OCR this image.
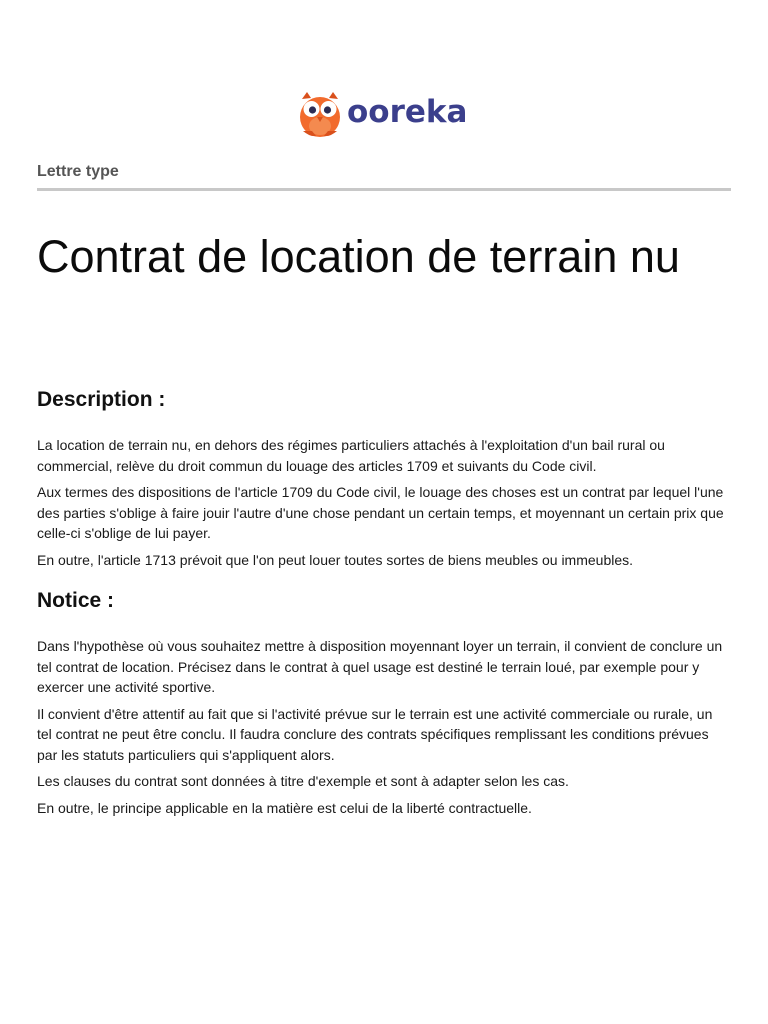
ooreka
Lettre type
Contrat de location de terrain nu
Description :

La location de terrain nu, en dehors des régimes particuliers attachés à l'exploitation d'un bail rural ou commercial, relève du droit commun du louage des articles 1709 et suivants du Code civil.

Aux termes des dispositions de l'article 1709 du Code civil, le louage des choses est un contrat par lequel l'une des parties s'oblige à faire jouir l'autre d'une chose pendant un certain temps, et moyennant un certain prix que celle-ci s'oblige de lui payer.

En outre, l'article 1713 prévoit que l'on peut louer toutes sortes de biens meubles ou immeubles.

Notice :

Dans l'hypothèse où vous souhaitez mettre à disposition moyennant loyer un terrain, il convient de conclure un tel contrat de location. Précisez dans le contrat à quel usage est destiné le terrain loué, par exemple pour y exercer une activité sportive.

Il convient d'être attentif au fait que si l'activité prévue sur le terrain est une activité commerciale ou rurale, un tel contrat ne peut être conclu. Il faudra conclure des contrats spécifiques remplissant les conditions prévues par les statuts particuliers qui s'appliquent alors.

Les clauses du contrat sont données à titre d'exemple et sont à adapter selon les cas.

En outre, le principe applicable en la matière est celui de la liberté contractuelle.
